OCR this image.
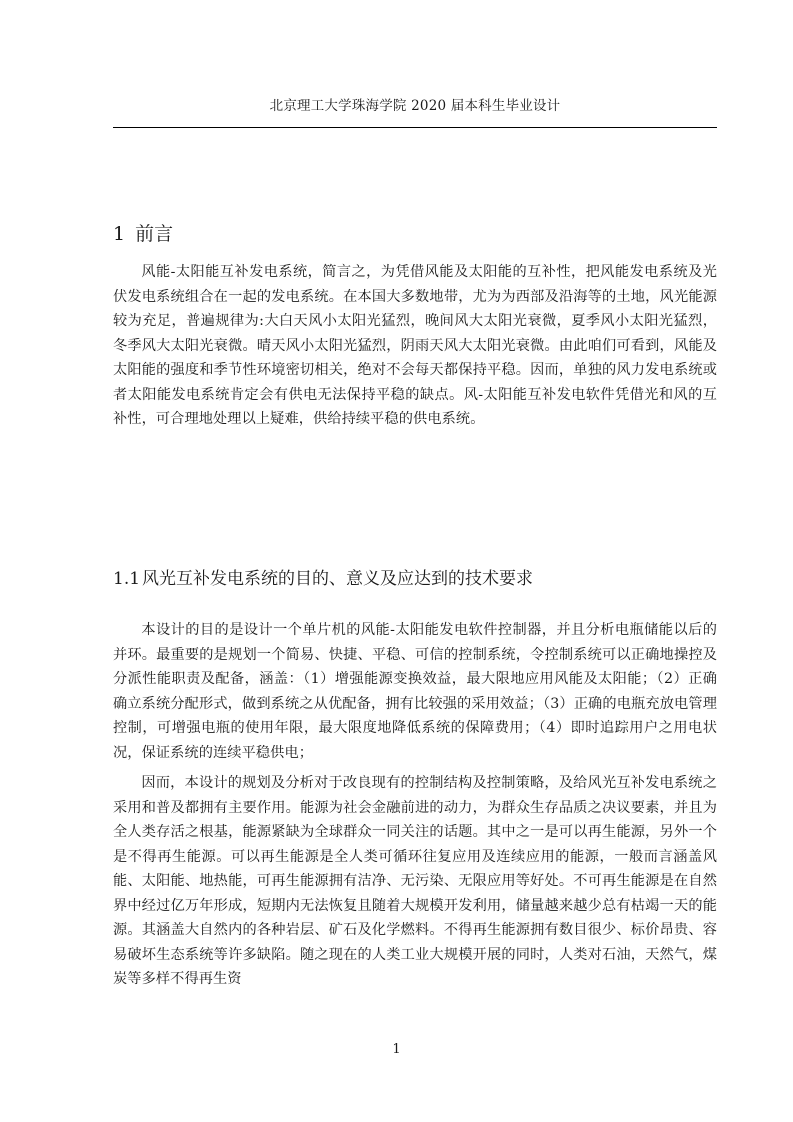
北京理工大学珠海学院 2020 届本科生毕业设计
1 前言

风能-太阳能互补发电系统，简言之，为凭借风能及太阳能的互补性，把风能发电系统及光伏发电系统组合在一起的发电系统。在本国大多数地带，尤为为西部及沿海等的土地，风光能源较为充足，普遍规律为:大白天风小太阳光猛烈，晚间风大太阳光衰微，夏季风小太阳光猛烈，冬季风大太阳光衰微。晴天风小太阳光猛烈，阴雨天风大太阳光衰微。由此咱们可看到，风能及太阳能的强度和季节性环境密切相关，绝对不会每天都保持平稳。因而，单独的风力发电系统或者太阳能发电系统肯定会有供电无法保持平稳的缺点。风-太阳能互补发电软件凭借光和风的互补性，可合理地处理以上疑难，供给持续平稳的供电系统。

1.1 风光互补发电系统的目的、意义及应达到的技术要求

本设计的目的是设计一个单片机的风能-太阳能发电软件控制器，并且分析电瓶储能以后的并环。最重要的是规划一个简易、快捷、平稳、可信的控制系统，令控制系统可以正确地操控及分派性能职责及配备，涵盖：（1）增强能源变换效益，最大限地应用风能及太阳能；（2）正确确立系统分配形式，做到系统之从优配备，拥有比较强的采用效益；（3）正确的电瓶充放电管理控制，可增强电瓶的使用年限，最大限度地降低系统的保障费用；（4）即时追踪用户之用电状况，保证系统的连续平稳供电；

因而，本设计的规划及分析对于改良现有的控制结构及控制策略，及给风光互补发电系统之采用和普及都拥有主要作用。能源为社会金融前进的动力，为群众生存品质之决议要素，并且为全人类存活之根基，能源紧缺为全球群众一同关注的话题。其中之一是可以再生能源，另外一个是不得再生能源。可以再生能源是全人类可循环往复应用及连续应用的能源，一般而言涵盖风能、太阳能、地热能，可再生能源拥有洁净、无污染、无限应用等好处。不可再生能源是在自然界中经过亿万年形成，短期内无法恢复且随着大规模开发利用，储量越来越少总有枯竭一天的能源。其涵盖大自然内的各种岩层、矿石及化学燃料。不得再生能源拥有数目很少、标价昂贵、容易破坏生态系统等许多缺陷。随之现在的人类工业大规模开展的同时，人类对石油，天然气，煤炭等多样不得再生资

1
